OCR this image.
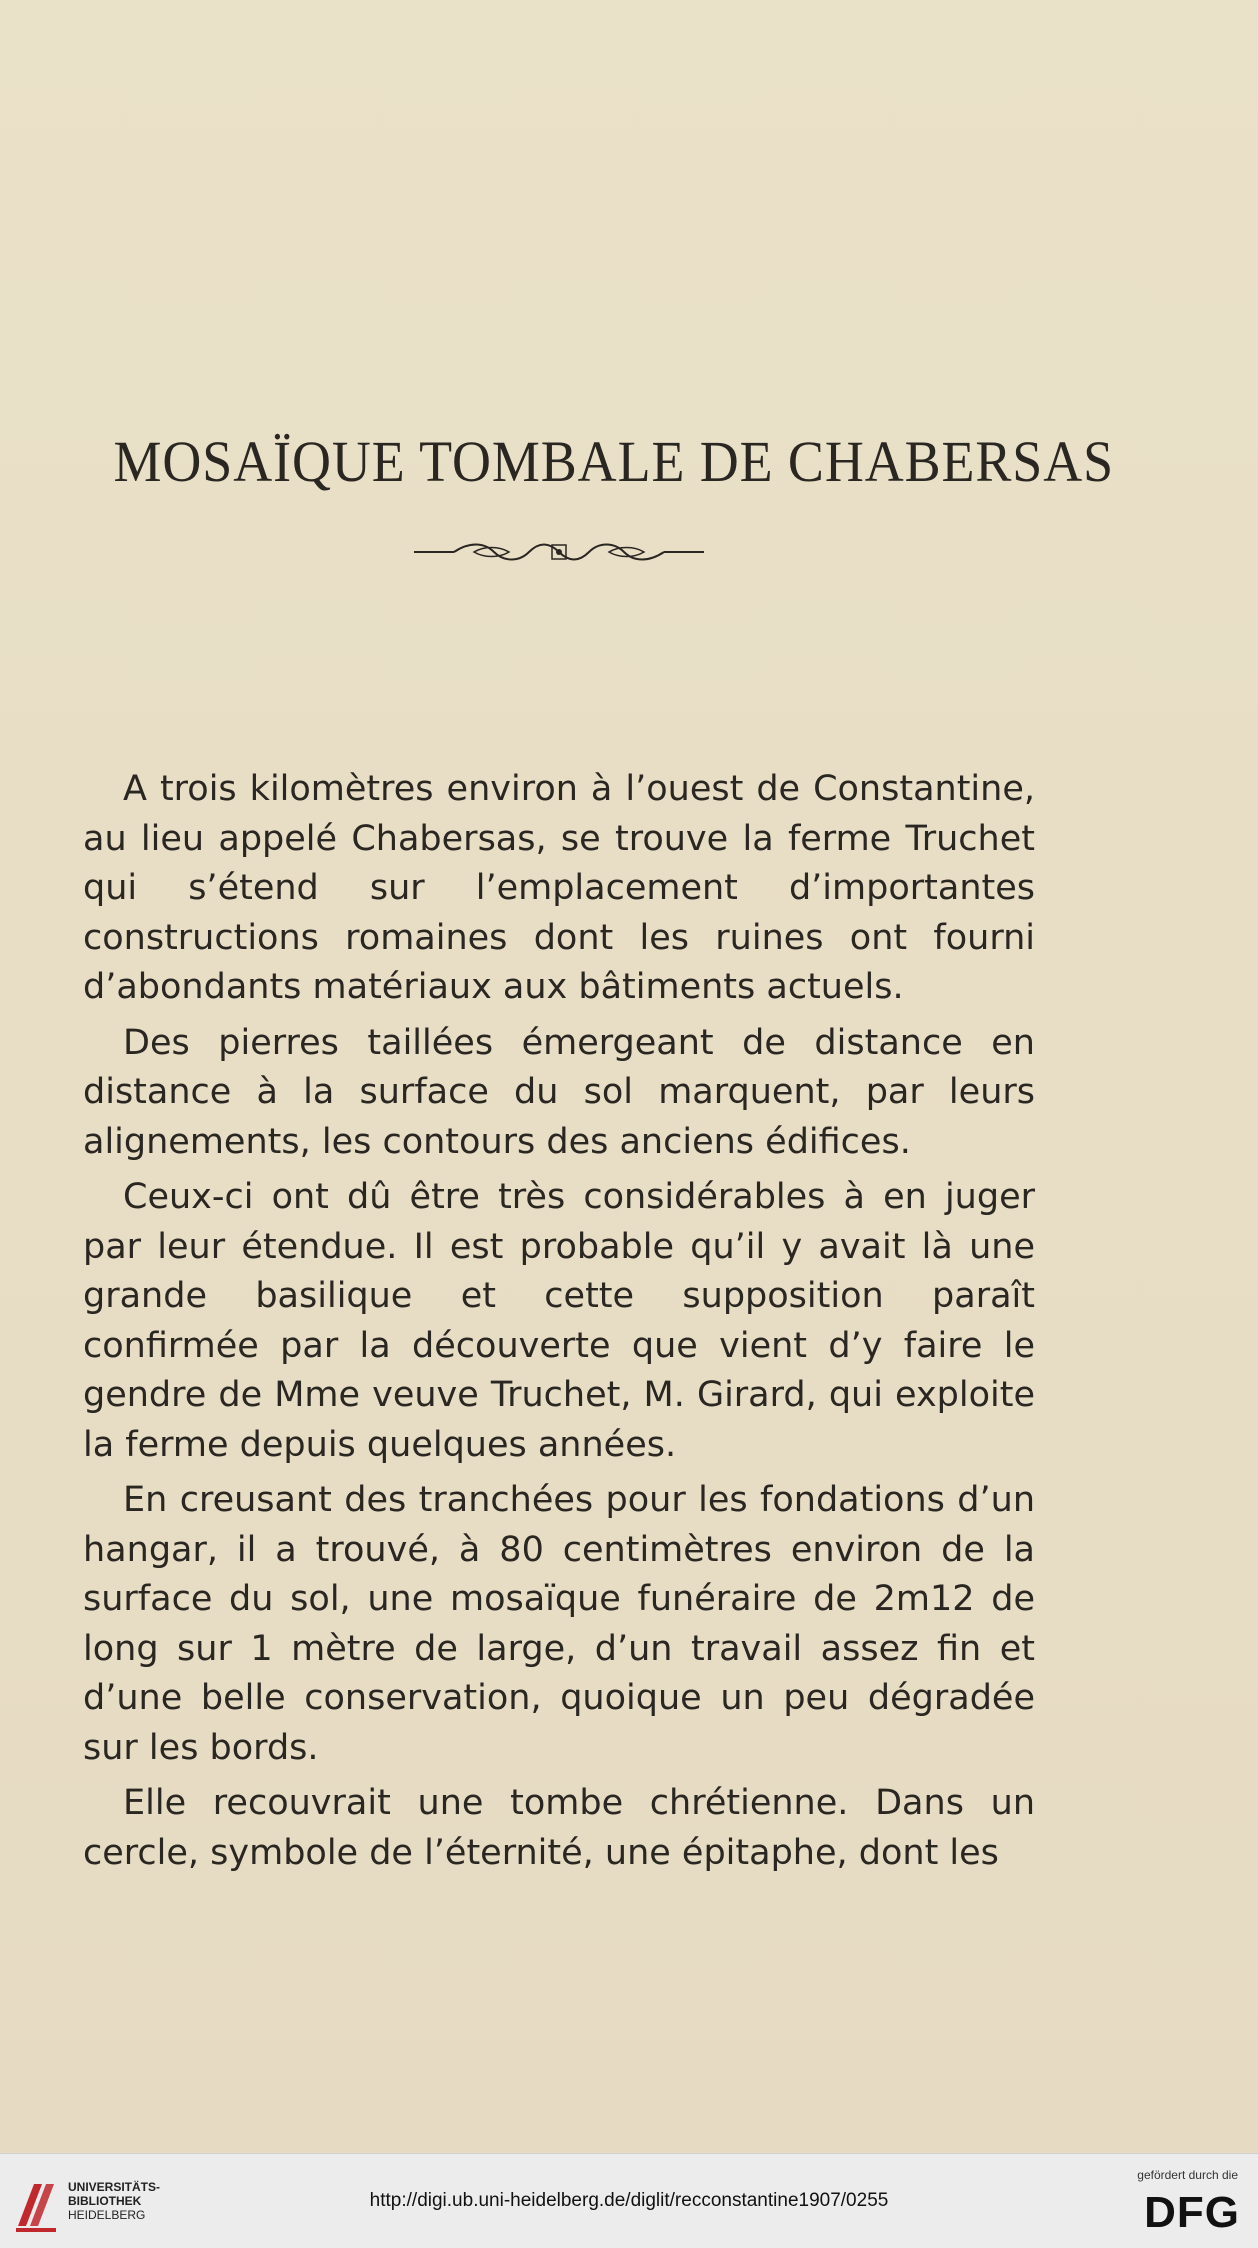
MOSAÏQUE TOMBALE DE CHABERSAS

A trois kilomètres environ à l’ouest de Constantine, au lieu appelé Chabersas, se trouve la ferme Truchet qui s’étend sur l’emplacement d’importantes constructions romaines dont les ruines ont fourni d’abondants matériaux aux bâtiments actuels.

Des pierres taillées émergeant de distance en distance à la surface du sol marquent, par leurs alignements, les contours des anciens édifices.

Ceux-ci ont dû être très considérables à en juger par leur étendue. Il est probable qu’il y avait là une grande basilique et cette supposition paraît confirmée par la découverte que vient d’y faire le gendre de Mme veuve Truchet, M. Girard, qui exploite la ferme depuis quelques années.

En creusant des tranchées pour les fondations d’un hangar, il a trouvé, à 80 centimètres environ de la surface du sol, une mosaïque funéraire de 2m12 de long sur 1 mètre de large, d’un travail assez fin et d’une belle conservation, quoique un peu dégradée sur les bords.

Elle recouvrait une tombe chrétienne. Dans un cercle, symbole de l’éternité, une épitaphe, dont les

UNIVERSITÄTS-
BIBLIOTHEK
HEIDELBERG
http://digi.ub.uni-heidelberg.de/diglit/recconstantine1907/0255
gefördert durch die
DFG
